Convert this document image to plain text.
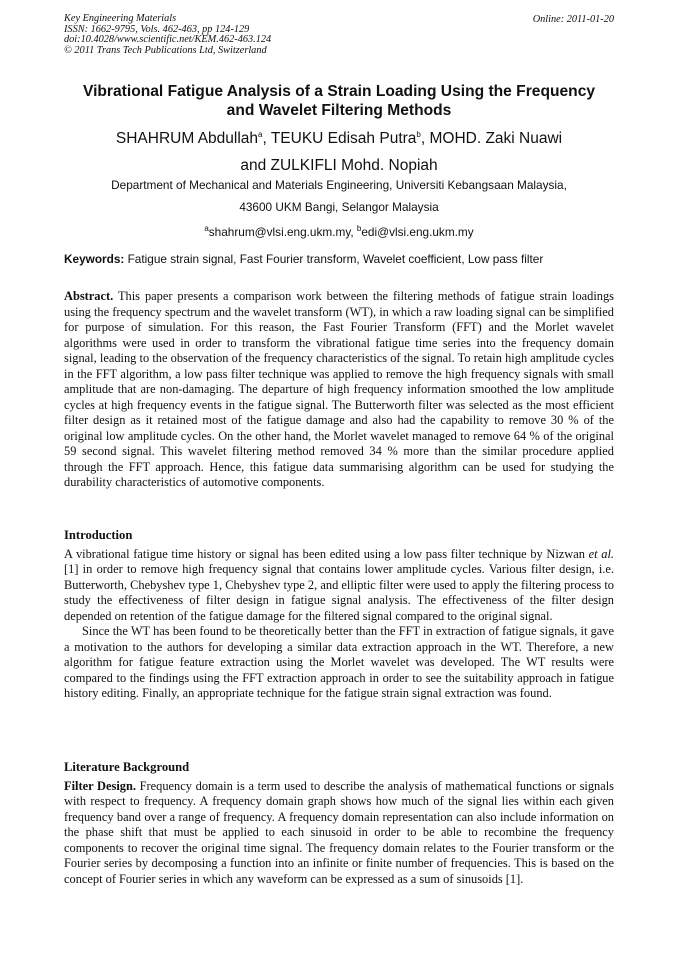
Key Engineering Materials
ISSN: 1662-9795, Vols. 462-463, pp 124-129
doi:10.4028/www.scientific.net/KEM.462-463.124
© 2011 Trans Tech Publications Ltd, Switzerland
Online: 2011-01-20
Vibrational Fatigue Analysis of a Strain Loading Using the Frequency
and Wavelet Filtering Methods
SHAHRUM Abdullah$^a$, TEUKU Edisah Putra$^b$, MOHD. Zaki Nuawi
and ZULKIFLI Mohd. Nopiah
Department of Mechanical and Materials Engineering, Universiti Kebangsaan Malaysia,
43600 UKM Bangi, Selangor Malaysia
$^a$shahrum@vlsi.eng.ukm.my, $^b$edi@vlsi.eng.ukm.my
Keywords: Fatigue strain signal, Fast Fourier transform, Wavelet coefficient, Low pass filter

Abstract. This paper presents a comparison work between the filtering methods of fatigue strain loadings using the frequency spectrum and the wavelet transform (WT), in which a raw loading signal can be simplified for purpose of simulation. For this reason, the Fast Fourier Transform (FFT) and the Morlet wavelet algorithms were used in order to transform the vibrational fatigue time series into the frequency domain signal, leading to the observation of the frequency characteristics of the signal. To retain high amplitude cycles in the FFT algorithm, a low pass filter technique was applied to remove the high frequency signals with small amplitude that are non-damaging. The departure of high frequency information smoothed the low amplitude cycles at high frequency events in the fatigue signal. The Butterworth filter was selected as the most efficient filter design as it retained most of the fatigue damage and also had the capability to remove 30 % of the original low amplitude cycles. On the other hand, the Morlet wavelet managed to remove 64 % of the original 59 second signal. This wavelet filtering method removed 34 % more than the similar procedure applied through the FFT approach. Hence, this fatigue data summarising algorithm can be used for studying the durability characteristics of automotive components.

Introduction

A vibrational fatigue time history or signal has been edited using a low pass filter technique by Nizwan et al. [1] in order to remove high frequency signal that contains lower amplitude cycles. Various filter design, i.e. Butterworth, Chebyshev type 1, Chebyshev type 2, and elliptic filter were used to apply the filtering process to study the effectiveness of filter design in fatigue signal analysis. The effectiveness of the filter design depended on retention of the fatigue damage for the filtered signal compared to the original signal.

Since the WT has been found to be theoretically better than the FFT in extraction of fatigue signals, it gave a motivation to the authors for developing a similar data extraction approach in the WT. Therefore, a new algorithm for fatigue feature extraction using the Morlet wavelet was developed. The WT results were compared to the findings using the FFT extraction approach in order to see the suitability approach in fatigue history editing. Finally, an appropriate technique for the fatigue strain signal extraction was found.

Literature Background

Filter Design. Frequency domain is a term used to describe the analysis of mathematical functions or signals with respect to frequency. A frequency domain graph shows how much of the signal lies within each given frequency band over a range of frequency. A frequency domain representation can also include information on the phase shift that must be applied to each sinusoid in order to be able to recombine the frequency components to recover the original time signal. The frequency domain relates to the Fourier transform or the Fourier series by decomposing a function into an infinite or finite number of frequencies. This is based on the concept of Fourier series in which any waveform can be expressed as a sum of sinusoids [1].
